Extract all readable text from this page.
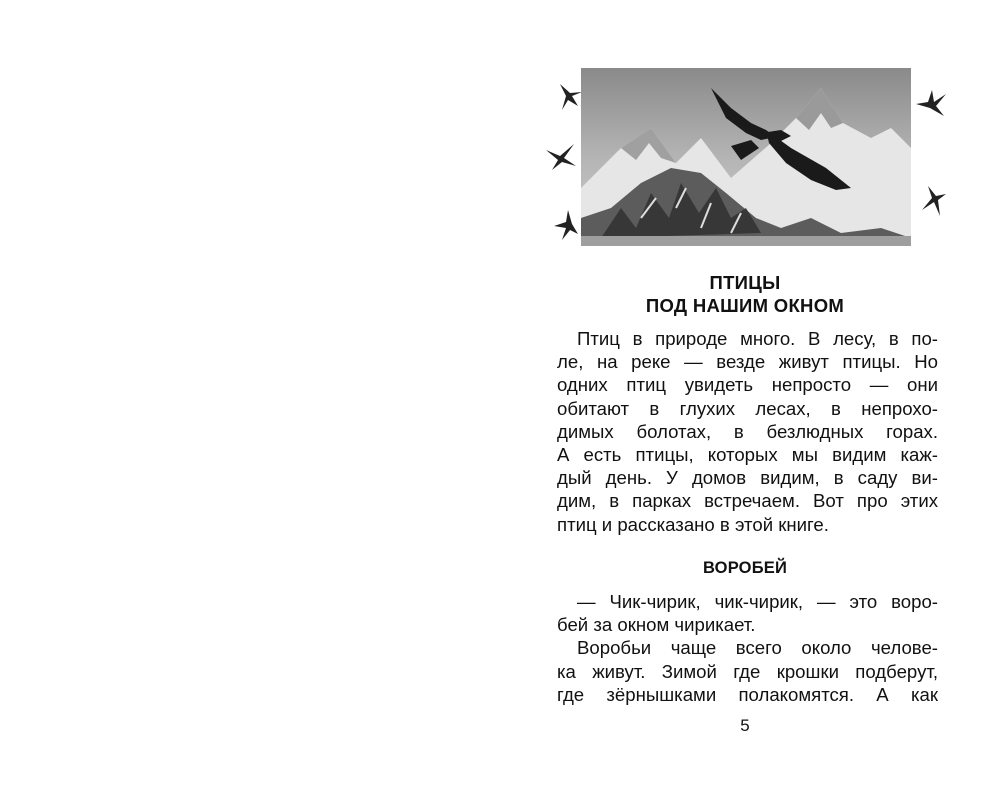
ПТИЦЫ
ПОД НАШИМ ОКНОМ
Птиц в природе много. В лесу, в по-
ле, на реке — везде живут птицы. Но
одних птиц увидеть непросто — они
обитают в глухих лесах, в непрохо-
димых болотах, в безлюдных горах.
А есть птицы, которых мы видим каж-
дый день. У домов видим, в саду ви-
дим, в парках встречаем. Вот про этих
птиц и рассказано в этой книге.
ВОРОБЕЙ
— Чик-чирик, чик-чирик, — это воро-
бей за окном чирикает.
Воробьи чаще всего около челове-
ка живут. Зимой где крошки подберут,
где зёрнышками полакомятся. А как
5
